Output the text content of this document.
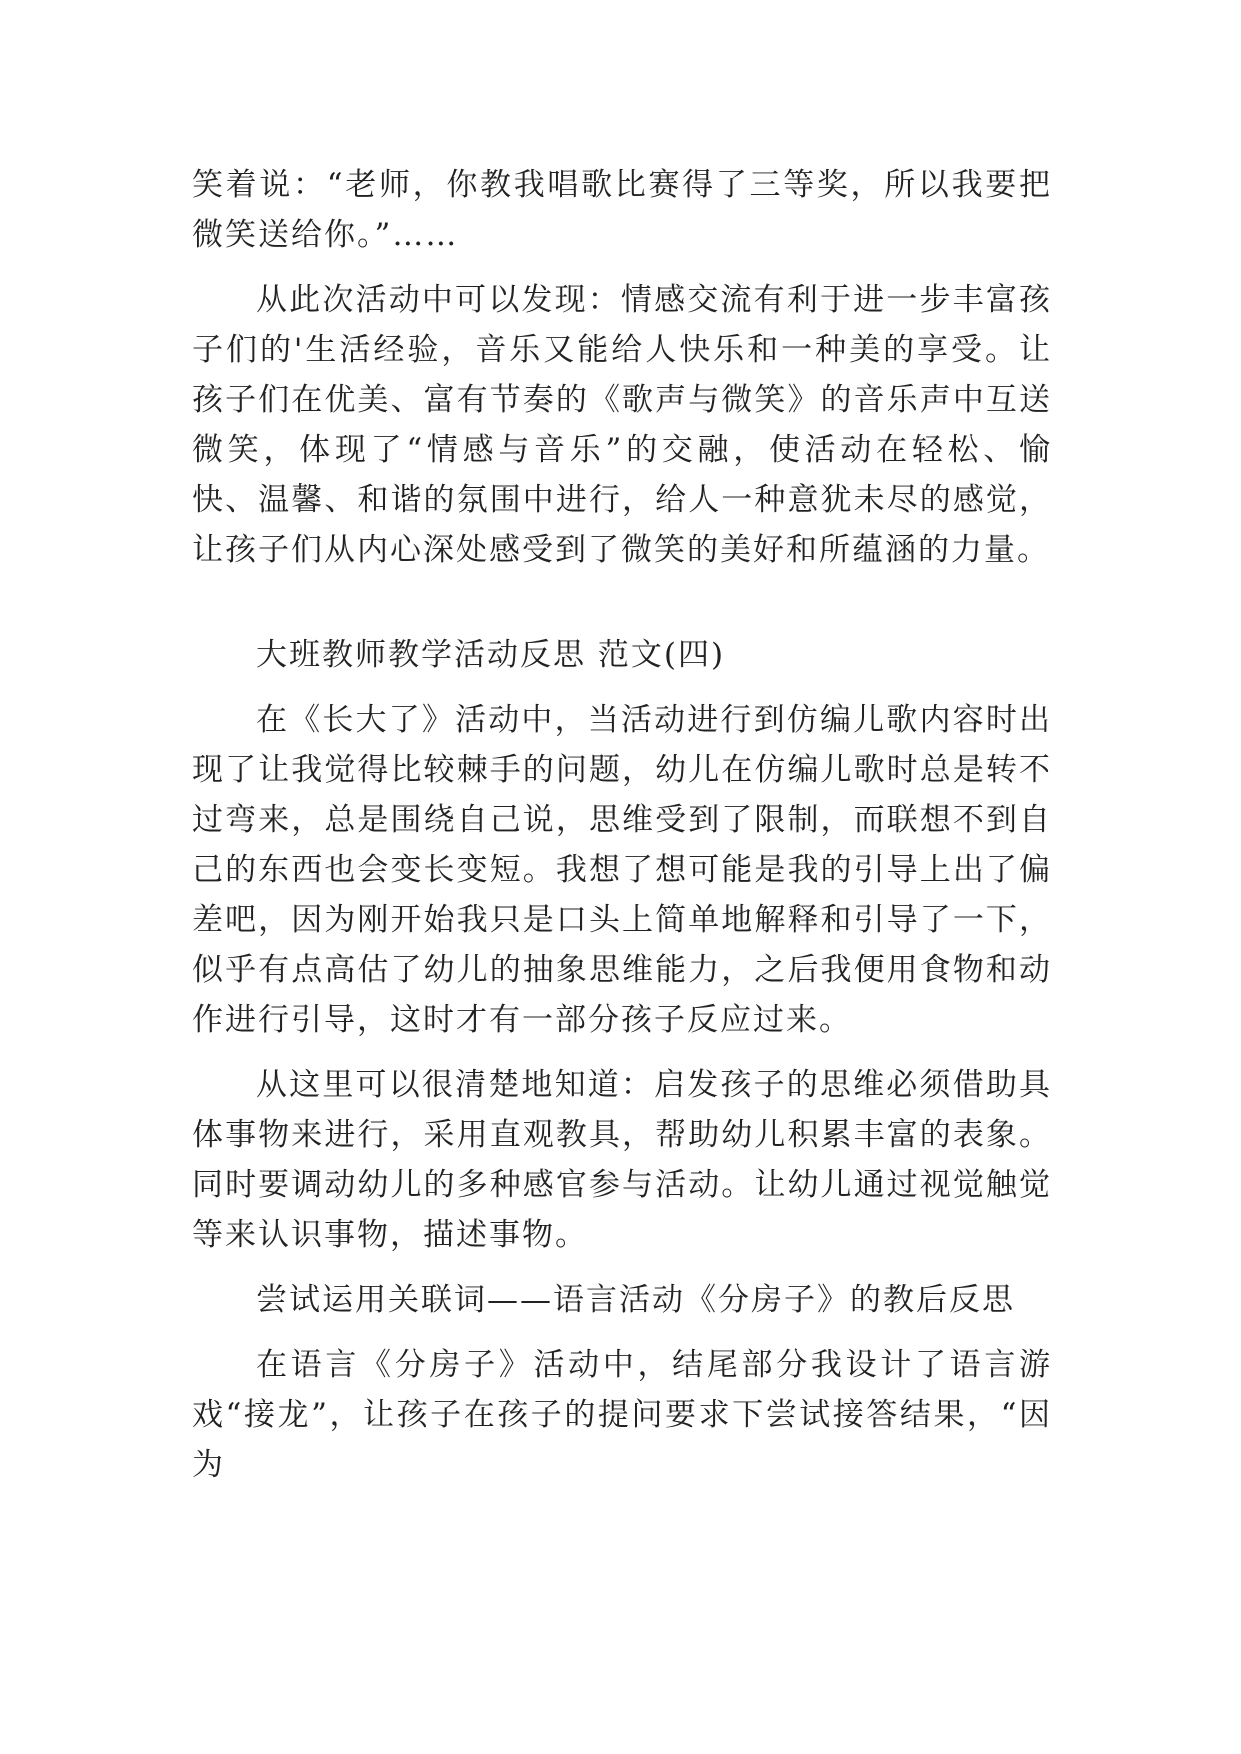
笑着说：“老师，你教我唱歌比赛得了三等奖，所以我要把微笑送给你。”……

从此次活动中可以发现：情感交流有利于进一步丰富孩子们的'生活经验，音乐又能给人快乐和一种美的享受。让孩子们在优美、富有节奏的《歌声与微笑》的音乐声中互送微笑，体现了“情感与音乐”的交融，使活动在轻松、愉快、温馨、和谐的氛围中进行，给人一种意犹未尽的感觉，让孩子们从内心深处感受到了微笑的美好和所蕴涵的力量。

大班教师教学活动反思 范文(四)

在《长大了》活动中，当活动进行到仿编儿歌内容时出现了让我觉得比较棘手的问题，幼儿在仿编儿歌时总是转不过弯来，总是围绕自己说，思维受到了限制，而联想不到自己的东西也会变长变短。我想了想可能是我的引导上出了偏差吧，因为刚开始我只是口头上简单地解释和引导了一下，似乎有点高估了幼儿的抽象思维能力，之后我便用食物和动作进行引导，这时才有一部分孩子反应过来。

从这里可以很清楚地知道：启发孩子的思维必须借助具体事物来进行，采用直观教具，帮助幼儿积累丰富的表象。同时要调动幼儿的多种感官参与活动。让幼儿通过视觉触觉等来认识事物，描述事物。

尝试运用关联词——语言活动《分房子》的教后反思

在语言《分房子》活动中，结尾部分我设计了语言游戏“接龙”，让孩子在孩子的提问要求下尝试接答结果，“因为
